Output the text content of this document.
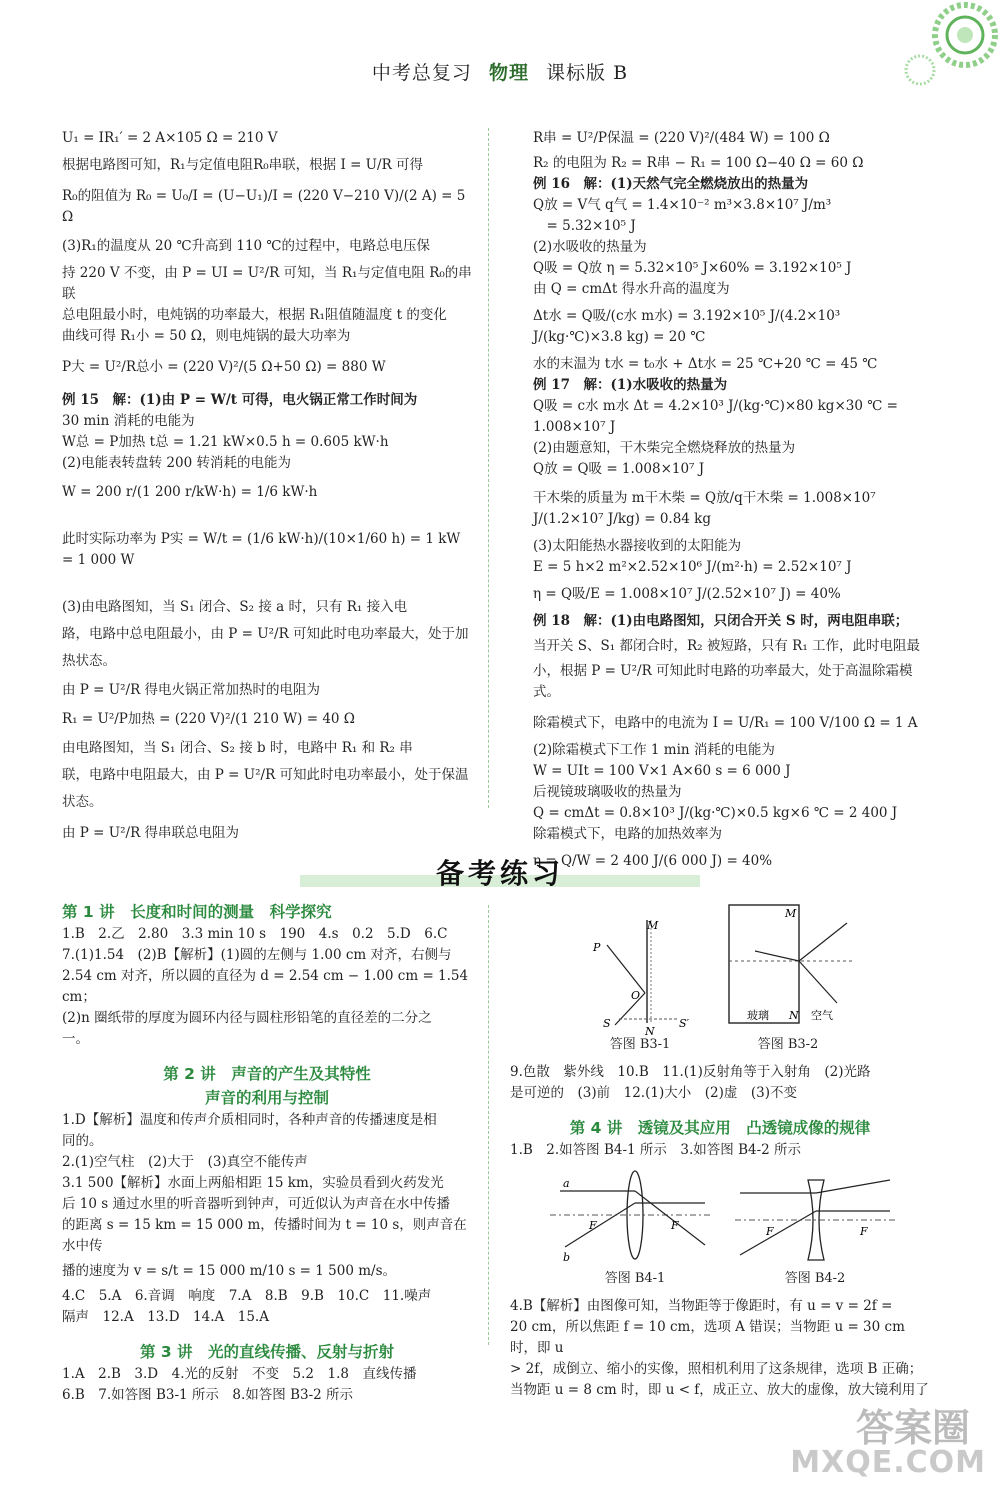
中考总复习 物理 课标版 B

U₁ = IR₁′ = 2 A×105 Ω = 210 V

根据电路图可知，R₁与定值电阻R₀串联，根据 I = U/R 可得

R₀的阻值为 R₀ = U₀/I = (U−U₁)/I = (220 V−210 V)/(2 A) = 5 Ω

(3)R₁的温度从 20 ℃升高到 110 ℃的过程中，电路总电压保

持 220 V 不变，由 P = UI = U²/R 可知，当 R₁与定值电阻 R₀的串联

总电阻最小时，电炖锅的功率最大，根据 R₁阻值随温度 t 的变化

曲线可得 R₁小 = 50 Ω，则电炖锅的最大功率为

P大 = U²/R总小 = (220 V)²/(5 Ω+50 Ω) = 880 W

例 15　解：(1)由 P = W/t 可得，电火锅正常工作时间为

30 min 消耗的电能为

W总 = P加热 t总 = 1.21 kW×0.5 h = 0.605 kW·h

(2)电能表转盘转 200 转消耗的电能为

W = 200 r/(1 200 r/kW·h) = 1/6 kW·h

此时实际功率为 P实 = W/t = (1/6 kW·h)/(10×1/60 h) = 1 kW = 1 000 W

(3)由电路图知，当 S₁ 闭合、S₂ 接 a 时，只有 R₁ 接入电

路，电路中总电阻最小，由 P = U²/R 可知此时电功率最大，处于加

热状态。

由 P = U²/R 得电火锅正常加热时的电阻为

R₁ = U²/P加热 = (220 V)²/(1 210 W) = 40 Ω

由电路图知，当 S₁ 闭合、S₂ 接 b 时，电路中 R₁ 和 R₂ 串

联，电路中电阻最大，由 P = U²/R 可知此时电功率最小，处于保温

状态。

由 P = U²/R 得串联总电阻为

R串 = U²/P保温 = (220 V)²/(484 W) = 100 Ω

R₂ 的电阻为 R₂ = R串 − R₁ = 100 Ω−40 Ω = 60 Ω

例 16　解：(1)天然气完全燃烧放出的热量为

Q放 = V气 q气 = 1.4×10⁻² m³×3.8×10⁷ J/m³

　= 5.32×10⁵ J

(2)水吸收的热量为

Q吸 = Q放 η = 5.32×10⁵ J×60% = 3.192×10⁵ J

由 Q = cmΔt 得水升高的温度为

Δt水 = Q吸/(c水 m水) = 3.192×10⁵ J/(4.2×10³ J/(kg·℃)×3.8 kg) = 20 ℃

水的末温为 t水 = t₀水 + Δt水 = 25 ℃+20 ℃ = 45 ℃

例 17　解：(1)水吸收的热量为

Q吸 = c水 m水 Δt = 4.2×10³ J/(kg·℃)×80 kg×30 ℃ =

1.008×10⁷ J

(2)由题意知，干木柴完全燃烧释放的热量为

Q放 = Q吸 = 1.008×10⁷ J

干木柴的质量为 m干木柴 = Q放/q干木柴 = 1.008×10⁷ J/(1.2×10⁷ J/kg) = 0.84 kg

(3)太阳能热水器接收到的太阳能为

E = 5 h×2 m²×2.52×10⁶ J/(m²·h) = 2.52×10⁷ J

η = Q吸/E = 1.008×10⁷ J/(2.52×10⁷ J) = 40%

例 18　解：(1)由电路图知，只闭合开关 S 时，两电阻串联；

当开关 S、S₁ 都闭合时，R₂ 被短路，只有 R₁ 工作，此时电阻最

小，根据 P = U²/R 可知此时电路的功率最大，处于高温除霜模式。

除霜模式下，电路中的电流为 I = U/R₁ = 100 V/100 Ω = 1 A

(2)除霜模式下工作 1 min 消耗的电能为

W = UIt = 100 V×1 A×60 s = 6 000 J

后视镜玻璃吸收的热量为

Q = cmΔt = 0.8×10³ J/(kg·℃)×0.5 kg×6 ℃ = 2 400 J

除霜模式下，电路的加热效率为

η = Q/W = 2 400 J/(6 000 J) = 40%

备考练习

第 1 讲　长度和时间的测量　科学探究

1.B　2.乙　2.80　3.3 min 10 s　190　4.s　0.2　5.D　6.C

7.(1)1.54　(2)B【解析】(1)圆的左侧与 1.00 cm 对齐，右侧与

2.54 cm 对齐，所以圆的直径为 d = 2.54 cm − 1.00 cm = 1.54 cm；

(2)n 圈纸带的厚度为圆环内径与圆柱形铅笔的直径差的二分之

一。

第 2 讲　声音的产生及其特性

声音的利用与控制

1.D【解析】温度和传声介质相同时，各种声音的传播速度是相

同的。

2.(1)空气柱　(2)大于　(3)真空不能传声

3.1 500【解析】水面上两船相距 15 km，实验员看到火药发光

后 10 s 通过水里的听音器听到钟声，可近似认为声音在水中传播

的距离 s = 15 km = 15 000 m，传播时间为 t = 10 s，则声音在水中传

播的速度为 v = s/t = 15 000 m/10 s = 1 500 m/s。

4.C　5.A　6.音调　响度　7.A　8.B　9.B　10.C　11.噪声

隔声　12.A　13.D　14.A　15.A

第 3 讲　光的直线传播、反射与折射

1.A　2.B　3.D　4.光的反射　不变　5.2　1.8　直线传播

6.B　7.如答图 B3-1 所示　8.如答图 B3-2 所示

M
P
O
S	S′
N
答图 B3-1
M
玻璃 N 空气
答图 B3-2

9.色散　紫外线　10.B　11.(1)反射角等于入射角　(2)光路

是可逆的　(3)前　12.(1)大小　(2)虚　(3)不变

第 4 讲　透镜及其应用　凸透镜成像的规律

1.B　2.如答图 B4-1 所示　3.如答图 B4-2 所示

a
b
F	F
答图 B4-1
F	F
答图 B4-2

4.B【解析】由图像可知，当物距等于像距时，有 u = v = 2f =

20 cm，所以焦距 f = 10 cm，选项 A 错误；当物距 u = 30 cm 时，即 u

> 2f，成倒立、缩小的实像，照相机利用了这条规律，选项 B 正确；

当物距 u = 8 cm 时，即 u < f，成正立、放大的虚像，放大镜利用了

答案圈
MXQE.COM
